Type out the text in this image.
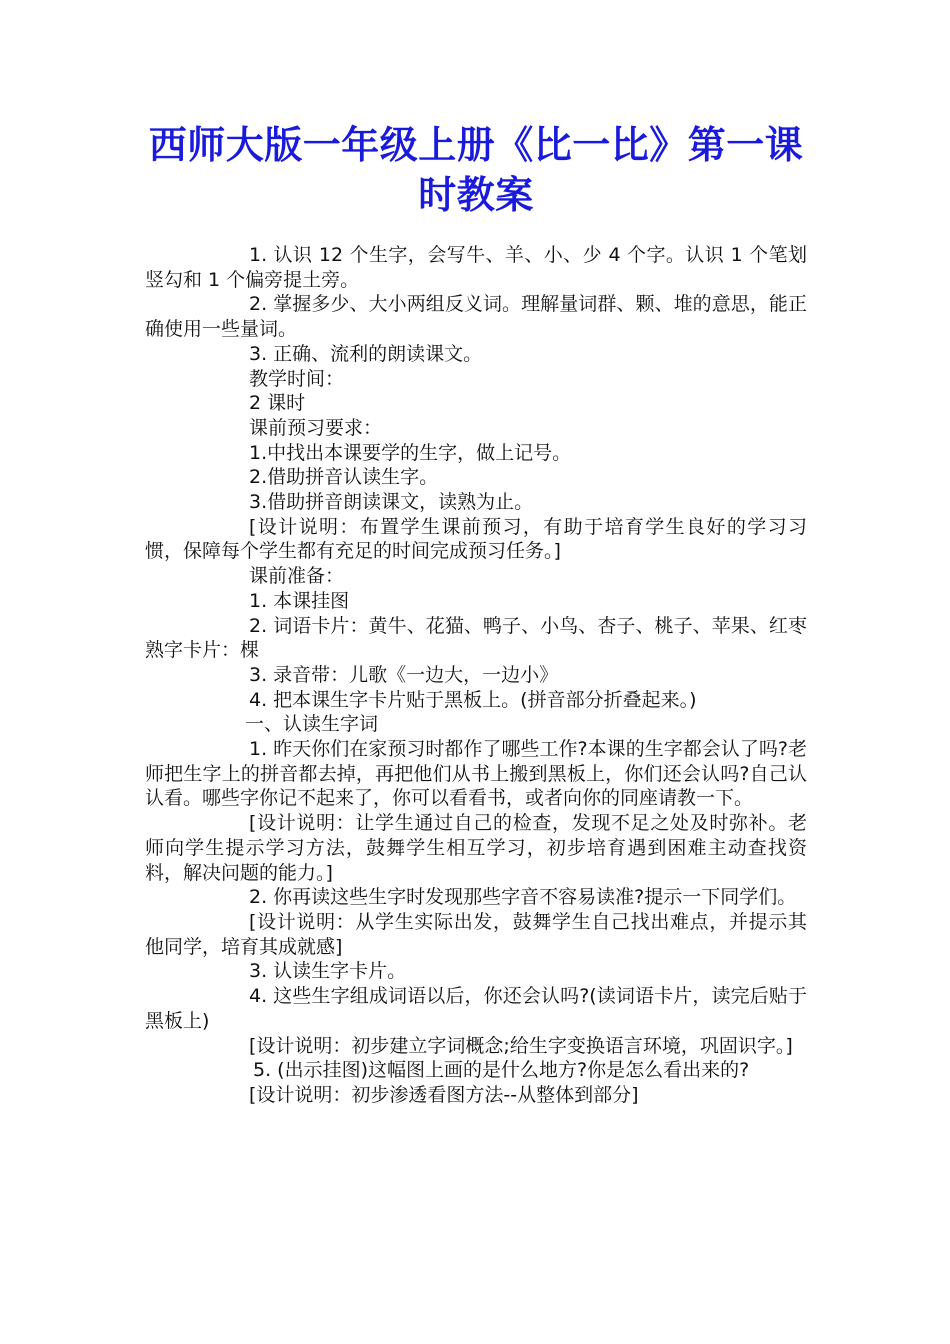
西师大版一年级上册《比一比》第一课时教案

1. 认识 12 个生字，会写牛、羊、小、少 4 个字。认识 1 个笔划竖勾和 1 个偏旁提土旁。

2. 掌握多少、大小两组反义词。理解量词群、颗、堆的意思，能正确使用一些量词。

3. 正确、流利的朗读课文。

教学时间：

2 课时

课前预习要求：

1.中找出本课要学的生字，做上记号。

2.借助拼音认读生字。

3.借助拼音朗读课文，读熟为止。

[设计说明：布置学生课前预习，有助于培育学生良好的学习习惯，保障每个学生都有充足的时间完成预习任务。]

课前准备：

1. 本课挂图

2. 词语卡片：黄牛、花猫、鸭子、小鸟、杏子、桃子、苹果、红枣熟字卡片：棵

3. 录音带：儿歌《一边大，一边小》

4. 把本课生字卡片贴于黑板上。(拼音部分折叠起来。)

一、认读生字词

1. 昨天你们在家预习时都作了哪些工作?本课的生字都会认了吗?老师把生字上的拼音都去掉，再把他们从书上搬到黑板上，你们还会认吗?自己认认看。哪些字你记不起来了，你可以看看书，或者向你的同座请教一下。

[设计说明：让学生通过自己的检查，发现不足之处及时弥补。老师向学生提示学习方法，鼓舞学生相互学习，初步培育遇到困难主动查找资料，解决问题的能力。]

2. 你再读这些生字时发现那些字音不容易读准?提示一下同学们。

[设计说明：从学生实际出发，鼓舞学生自己找出难点，并提示其他同学，培育其成就感]

3. 认读生字卡片。

4. 这些生字组成词语以后，你还会认吗?(读词语卡片，读完后贴于黑板上)

[设计说明：初步建立字词概念;给生字变换语言环境，巩固识字。]

5. (出示挂图)这幅图上画的是什么地方?你是怎么看出来的?

[设计说明：初步渗透看图方法--从整体到部分]
